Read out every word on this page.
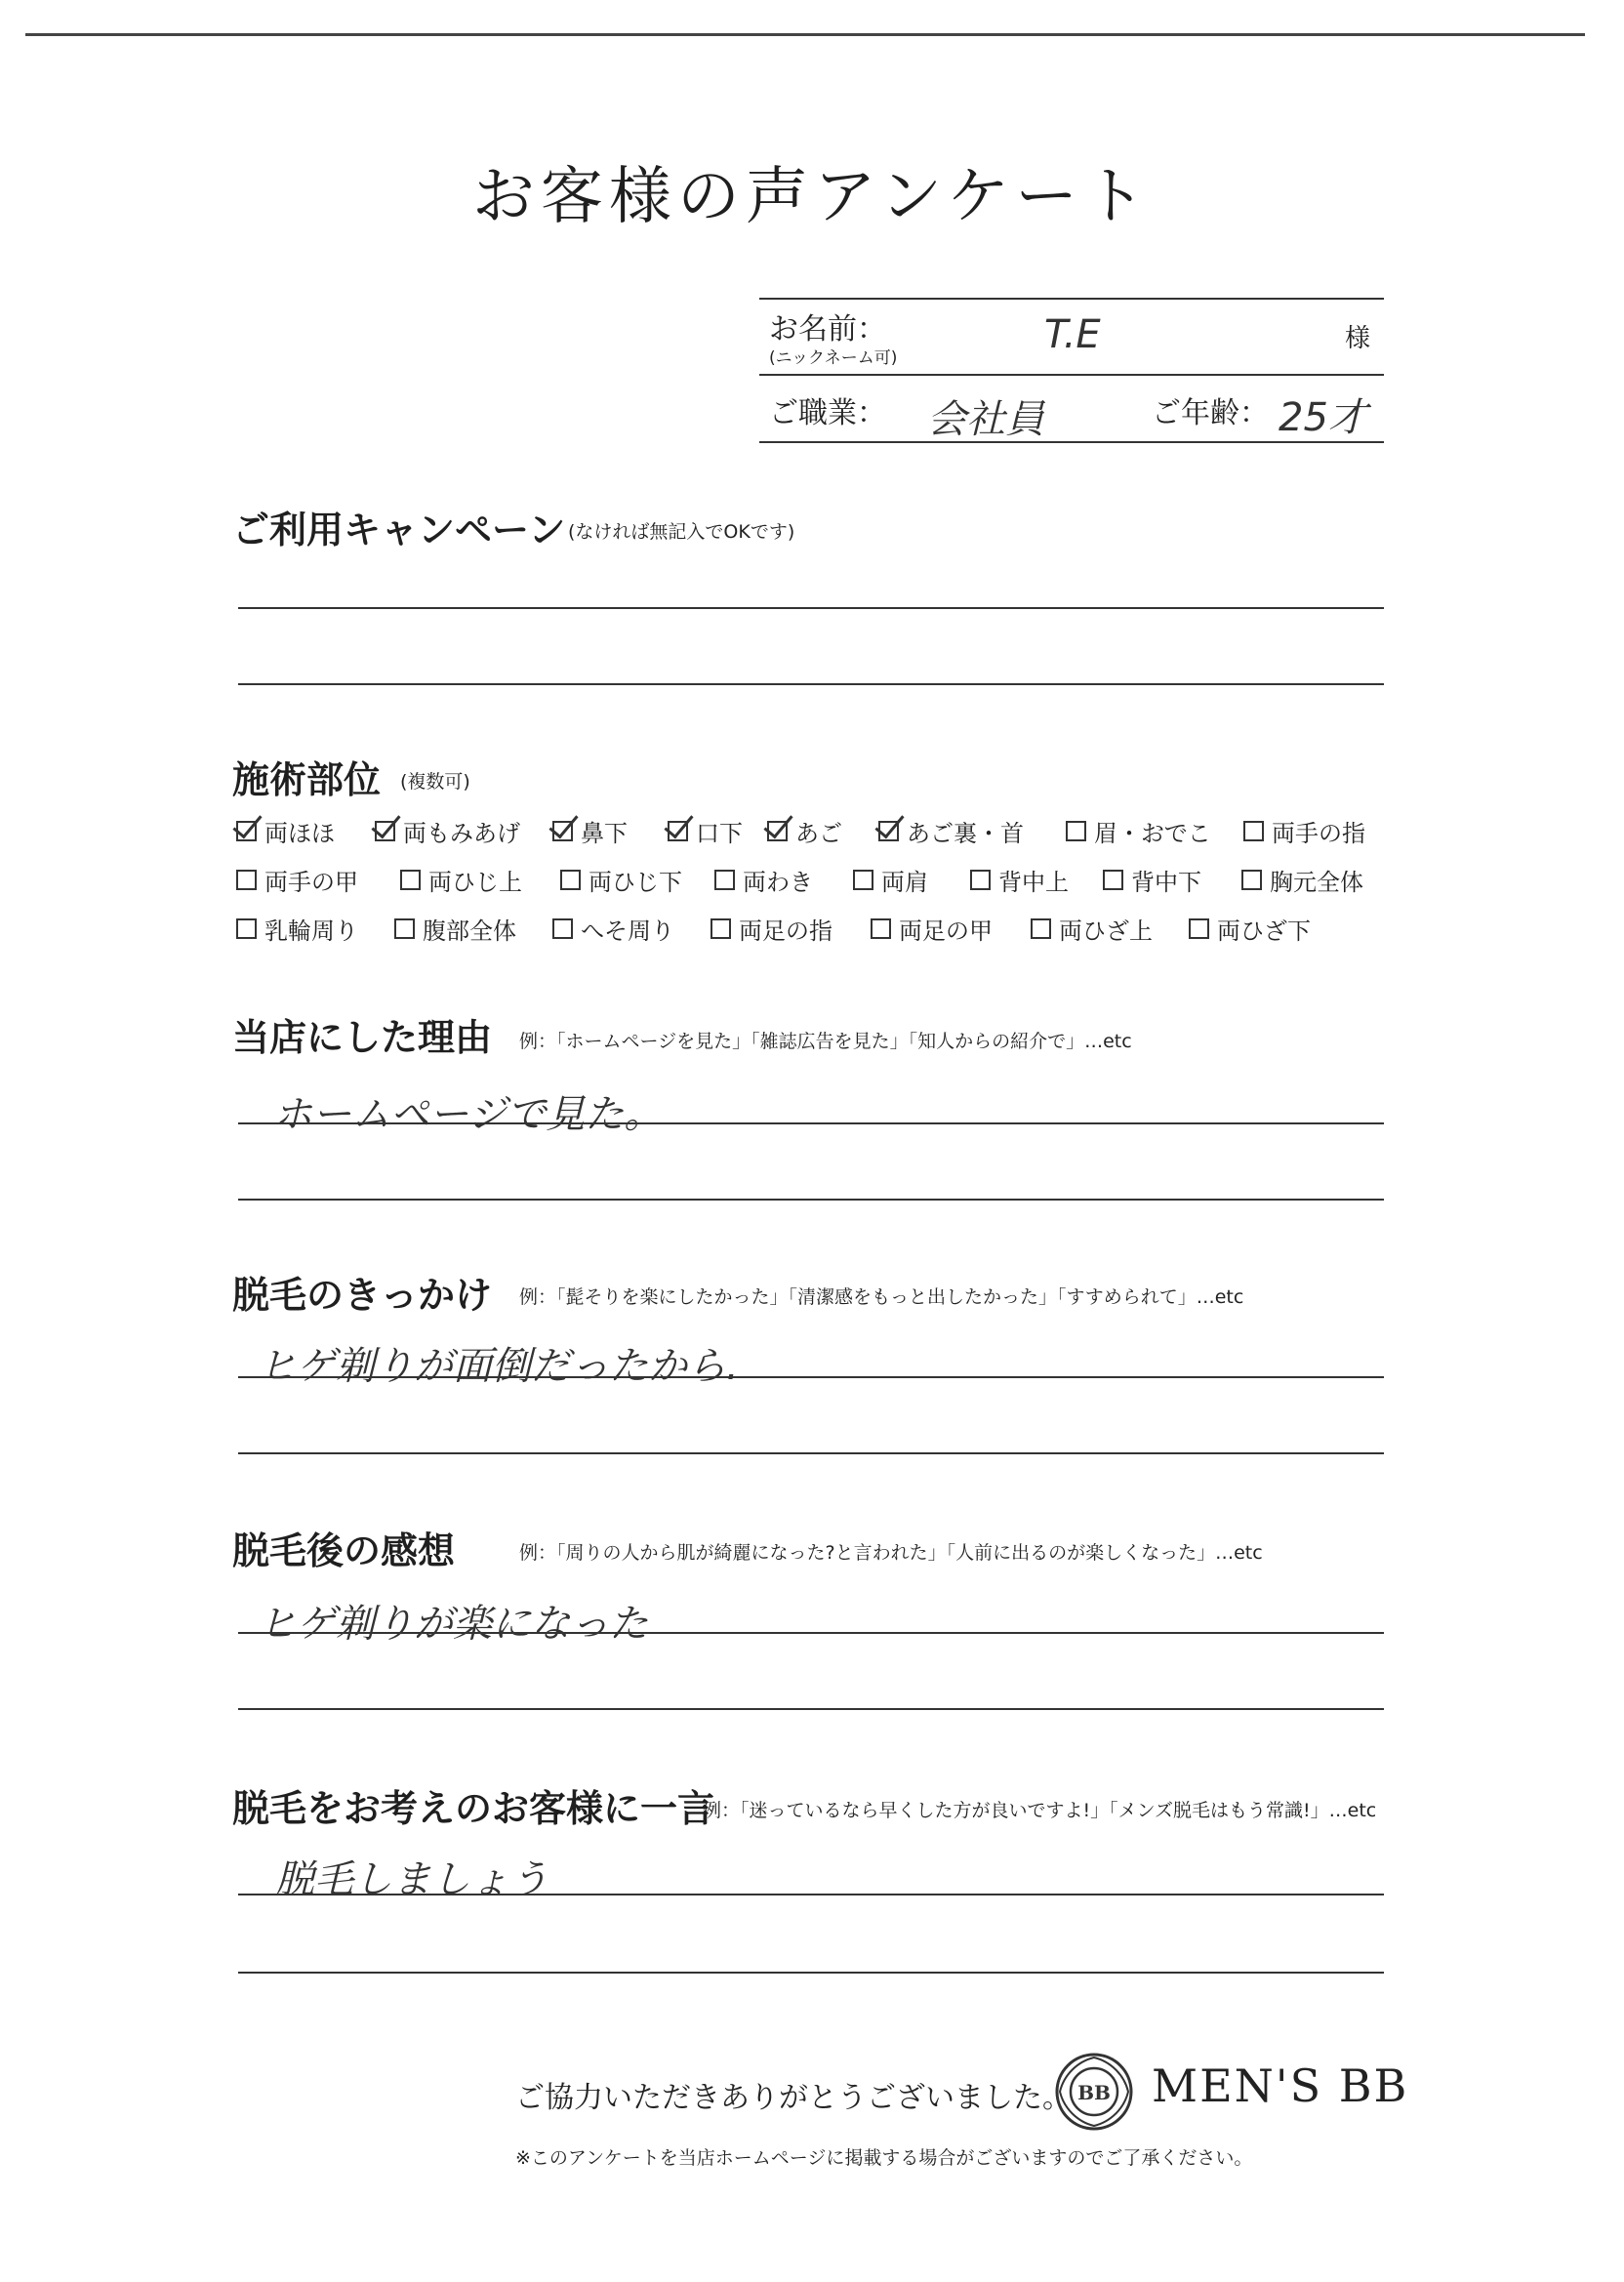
お客様の声アンケート
お名前：
(ニックネーム可)
T.E	様
ご職業： 会社員	ご年齢： 25才
ご利用キャンペーン (なければ無記入でOKです)
施術部位 (複数可)
両ほほ	両もみあげ	鼻下	口下 あご	あご裏・首	眉・おでこ	両手の指
両手の甲	両ひじ上	両ひじ下	両わき	両肩	背中上	背中下	胸元全体
乳輪周り	腹部全体	へそ周り	両足の指	両足の甲	両ひざ上	両ひざ下
当店にした理由 例：「ホームページを見た」「雑誌広告を見た」「知人からの紹介で」…etc
ホームページで見た。
脱毛のきっかけ 例：「髭そりを楽にしたかった」「清潔感をもっと出したかった」「すすめられて」…etc
ヒゲ剃りが面倒だったから.
脱毛後の感想	例：「周りの人から肌が綺麗になった?と言われた」「人前に出るのが楽しくなった」…etc
ヒゲ剃りが楽になった
脱毛をお考えのお客様に一言
例：「迷っているなら早くした方が良いですよ!」「メンズ脱毛はもう常識!」…etc
脱毛しましょう
ご協力いただきありがとうございました。 BB MEN'S BB
※このアンケートを当店ホームページに掲載する場合がございますのでご了承ください。
